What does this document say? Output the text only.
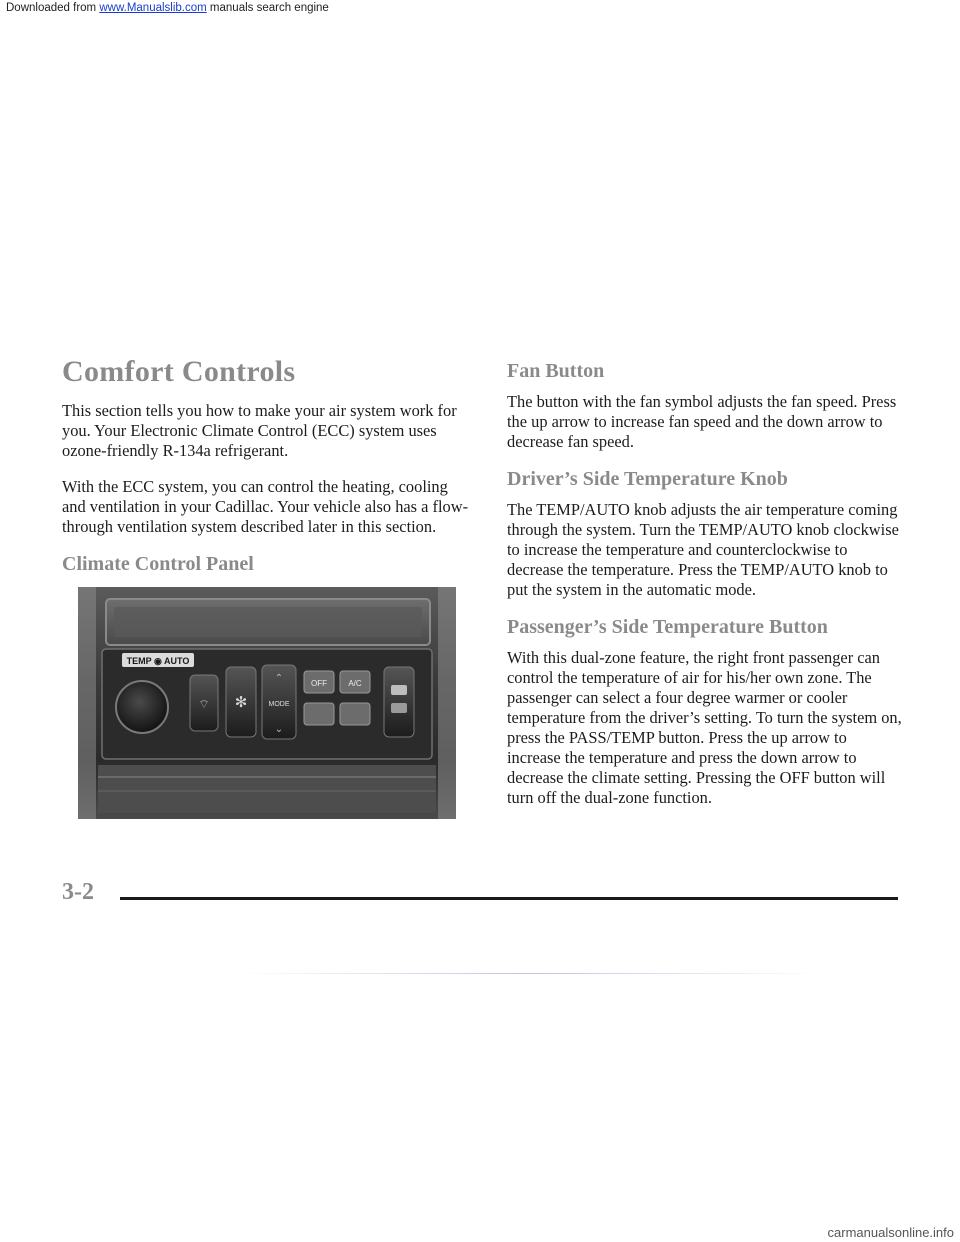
Downloaded from www.Manualslib.com manuals search engine
Comfort Controls

This section tells you how to make your air system work for you. Your Electronic Climate Control (ECC) system uses ozone-friendly R-134a refrigerant.

With the ECC system, you can control the heating, cooling and ventilation in your Cadillac. Your vehicle also has a flow-through ventilation system described later in this section.

Climate Control Panel
TEMP ◉ AUTO
⌔ ✻
⌃
MODE
⌄
OFF	A/C
Fan Button

The button with the fan symbol adjusts the fan speed. Press the up arrow to increase fan speed and the down arrow to decrease fan speed.

Driver’s Side Temperature Knob

The TEMP/AUTO knob adjusts the air temperature coming through the system. Turn the TEMP/AUTO knob clockwise to increase the temperature and counterclockwise to decrease the temperature. Press the TEMP/AUTO knob to put the system in the automatic mode.

Passenger’s Side Temperature Button

With this dual-zone feature, the right front passenger can control the temperature of air for his/her own zone. The passenger can select a four degree warmer or cooler temperature from the driver’s setting. To turn the system on, press the PASS/TEMP button. Press the up arrow to increase the temperature and press the down arrow to decrease the climate setting. Pressing the OFF button will turn off the dual-zone function.

3-2
carmanualsonline.info
